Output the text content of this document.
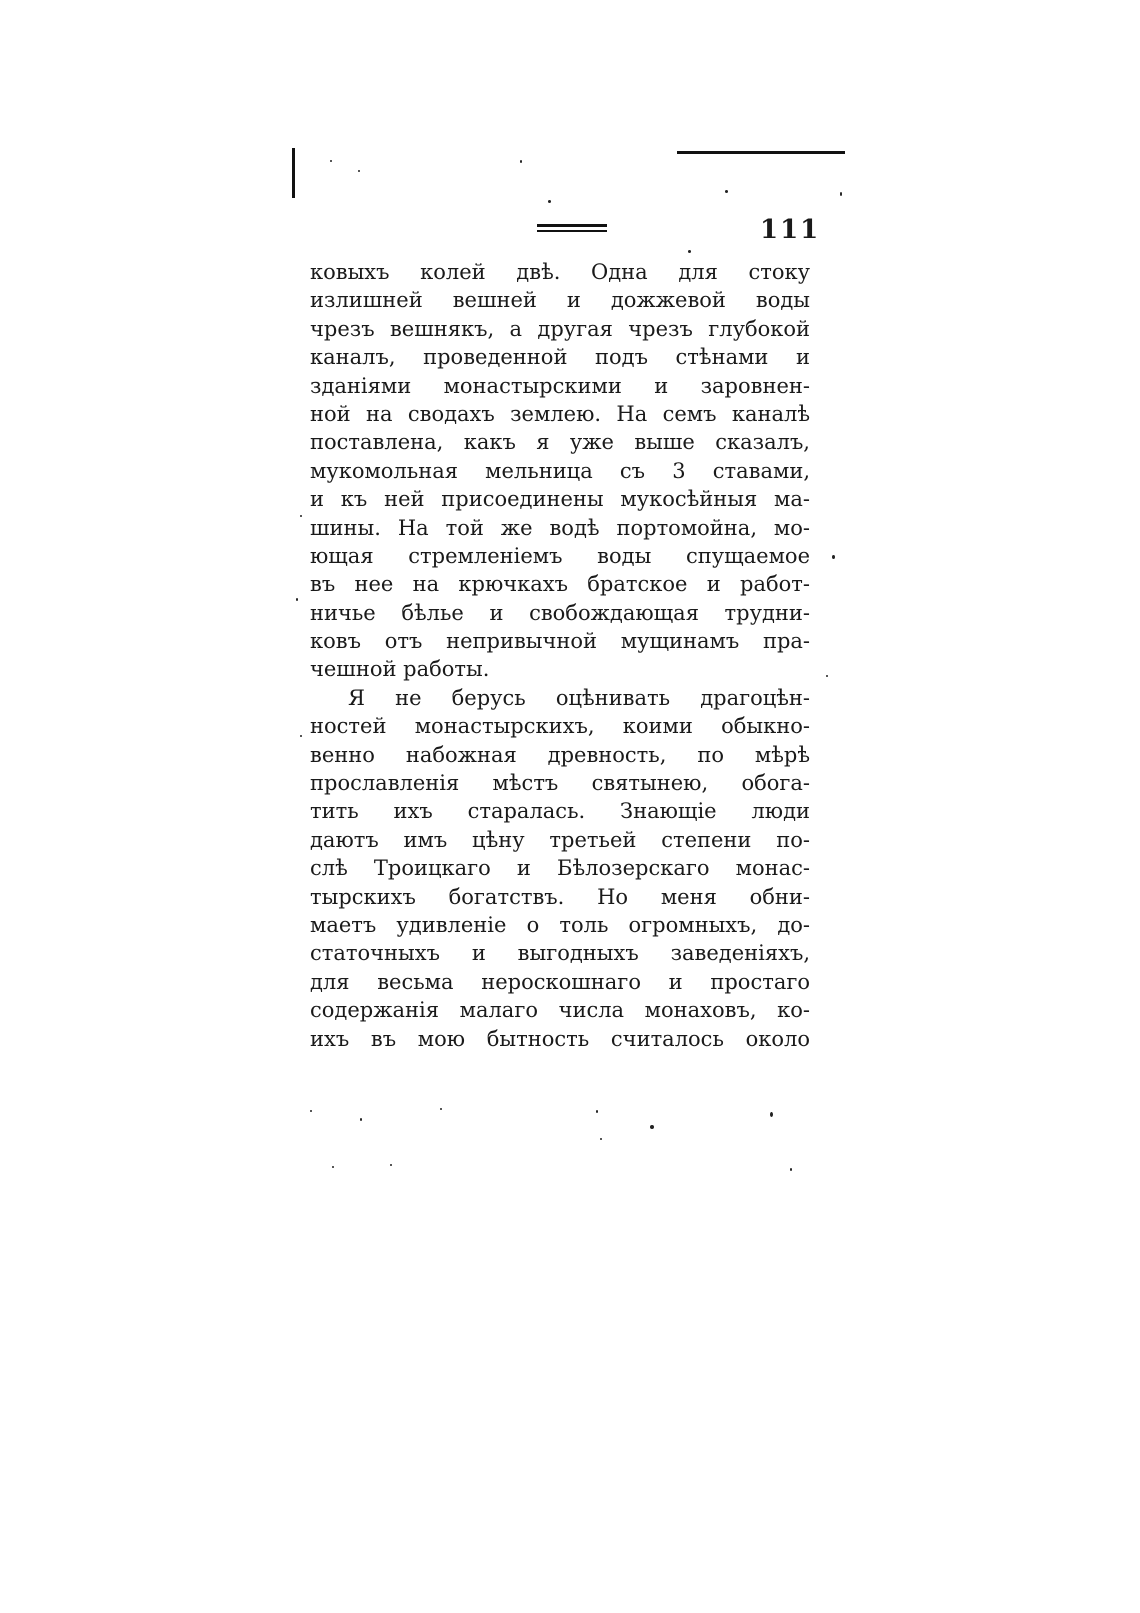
111
ковыхъ колей двѣ. Одна для стоку
излишней вешней и дожжевой воды
чрезъ вешнякъ, а другая чрезъ глубокой
каналъ, проведенной подъ стѣнами и
зданiями монастырскими и заровнен-
ной на сводахъ землею. На семъ каналѣ
поставлена, какъ я уже выше сказалъ,
мукомольная мельница съ 3 ставами,
и къ ней присоединены мукосѣйныя ма-
шины. На той же водѣ портомойна, мо-
ющая стремленiемъ воды спущаемое
въ нее на крючкахъ братское и работ-
ничье бѣлье и свобождающая трудни-
ковъ отъ непривычной мущинамъ пра-
чешной работы.
Я не берусь оцѣнивать драгоцѣн-
ностей монастырскихъ, коими обыкно-
венно набожная древность, по мѣрѣ
прославленiя мѣстъ святынею, обога-
тить ихъ старалась. Знающiе люди
даютъ имъ цѣну третьей степени по-
слѣ Троицкаго и Бѣлозерскаго монас-
тырскихъ богатствъ. Но меня обни-
маетъ удивленiе о толь огромныхъ, до-
статочныхъ и выгодныхъ заведенiяхъ,
для весьма нероскошнаго и простаго
содержанiя малаго числа монаховъ, ко-
ихъ въ мою бытность считалось около
